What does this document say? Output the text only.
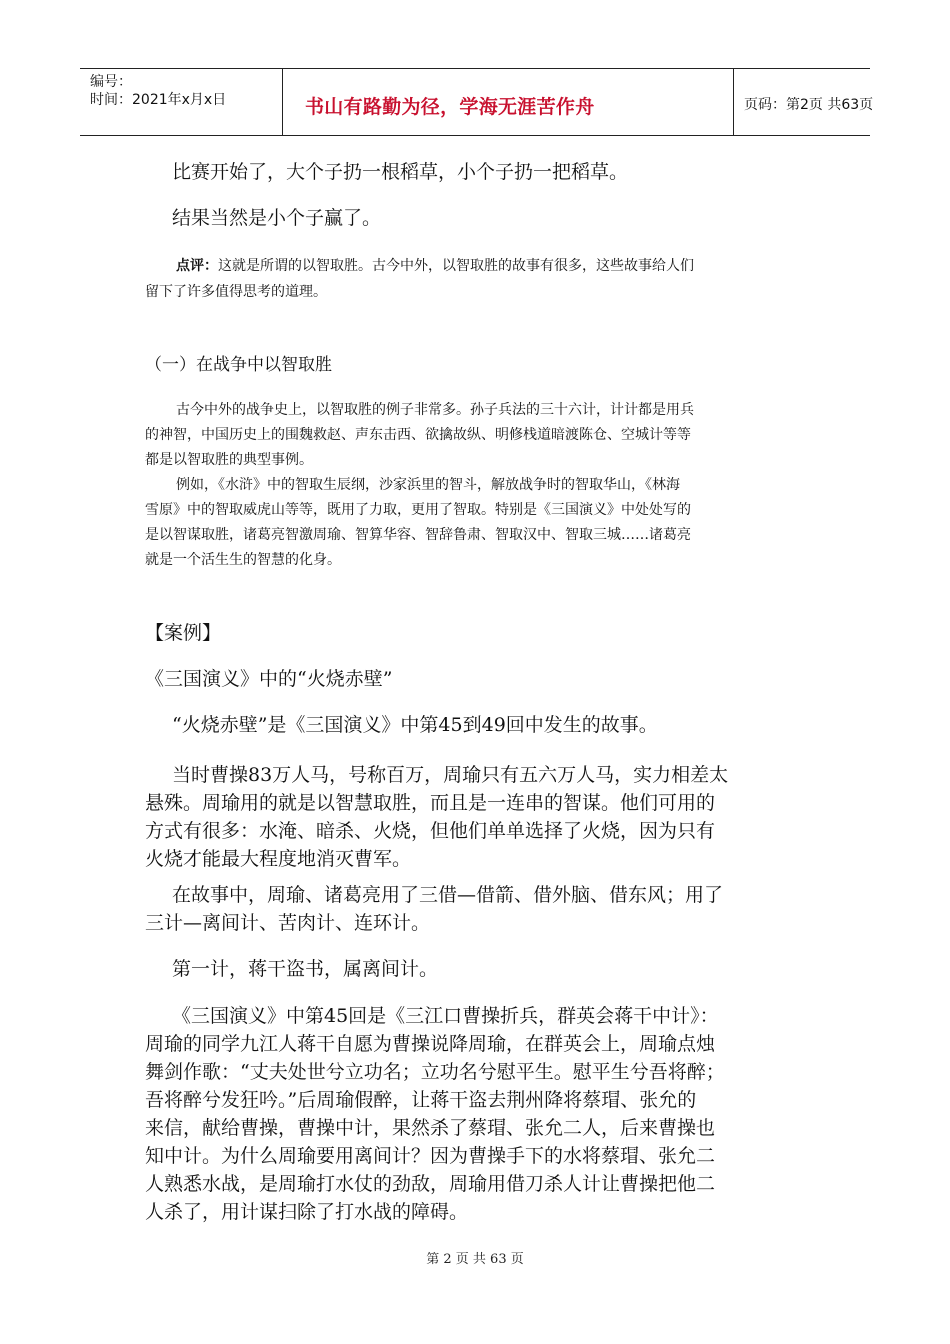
编号：
时间：2021年x月x日	书山有路勤为径，学海无涯苦作舟	页码：第2页 共63页

比赛开始了，大个子扔一根稻草，小个子扔一把稻草。

结果当然是小个子赢了。

点评：这就是所谓的以智取胜。古今中外，以智取胜的故事有很多，这些故事给人们

留下了许多值得思考的道理。

（一）在战争中以智取胜

古今中外的战争史上，以智取胜的例子非常多。孙子兵法的三十六计，计计都是用兵

的神智，中国历史上的围魏救赵、声东击西、欲擒故纵、明修栈道暗渡陈仓、空城计等等

都是以智取胜的典型事例。

例如，《水浒》中的智取生辰纲，沙家浜里的智斗，解放战争时的智取华山，《林海

雪原》中的智取威虎山等等，既用了力取，更用了智取。特别是《三国演义》中处处写的

是以智谋取胜，诸葛亮智激周瑜、智算华容、智辞鲁肃、智取汉中、智取三城……诸葛亮

就是一个活生生的智慧的化身。

【案例】

《三国演义》中的“火烧赤壁”

“火烧赤壁”是《三国演义》中第45到49回中发生的故事。

当时曹操83万人马，号称百万，周瑜只有五六万人马，实力相差太

悬殊。周瑜用的就是以智慧取胜，而且是一连串的智谋。他们可用的

方式有很多：水淹、暗杀、火烧，但他们单单选择了火烧，因为只有

火烧才能最大程度地消灭曹军。

在故事中，周瑜、诸葛亮用了三借—借箭、借外脑、借东风；用了

三计—离间计、苦肉计、连环计。

第一计，蒋干盗书，属离间计。

《三国演义》中第45回是《三江口曹操折兵，群英会蒋干中计》：

周瑜的同学九江人蒋干自愿为曹操说降周瑜，在群英会上，周瑜点烛

舞剑作歌：“丈夫处世兮立功名；立功名兮慰平生。慰平生兮吾将醉；

吾将醉兮发狂吟。”后周瑜假醉，让蒋干盗去荆州降将蔡瑁、张允的

来信，献给曹操，曹操中计，果然杀了蔡瑁、张允二人，后来曹操也

知中计。为什么周瑜要用离间计？因为曹操手下的水将蔡瑁、张允二

人熟悉水战，是周瑜打水仗的劲敌，周瑜用借刀杀人计让曹操把他二

人杀了，用计谋扫除了打水战的障碍。

第 2 页 共 63 页
